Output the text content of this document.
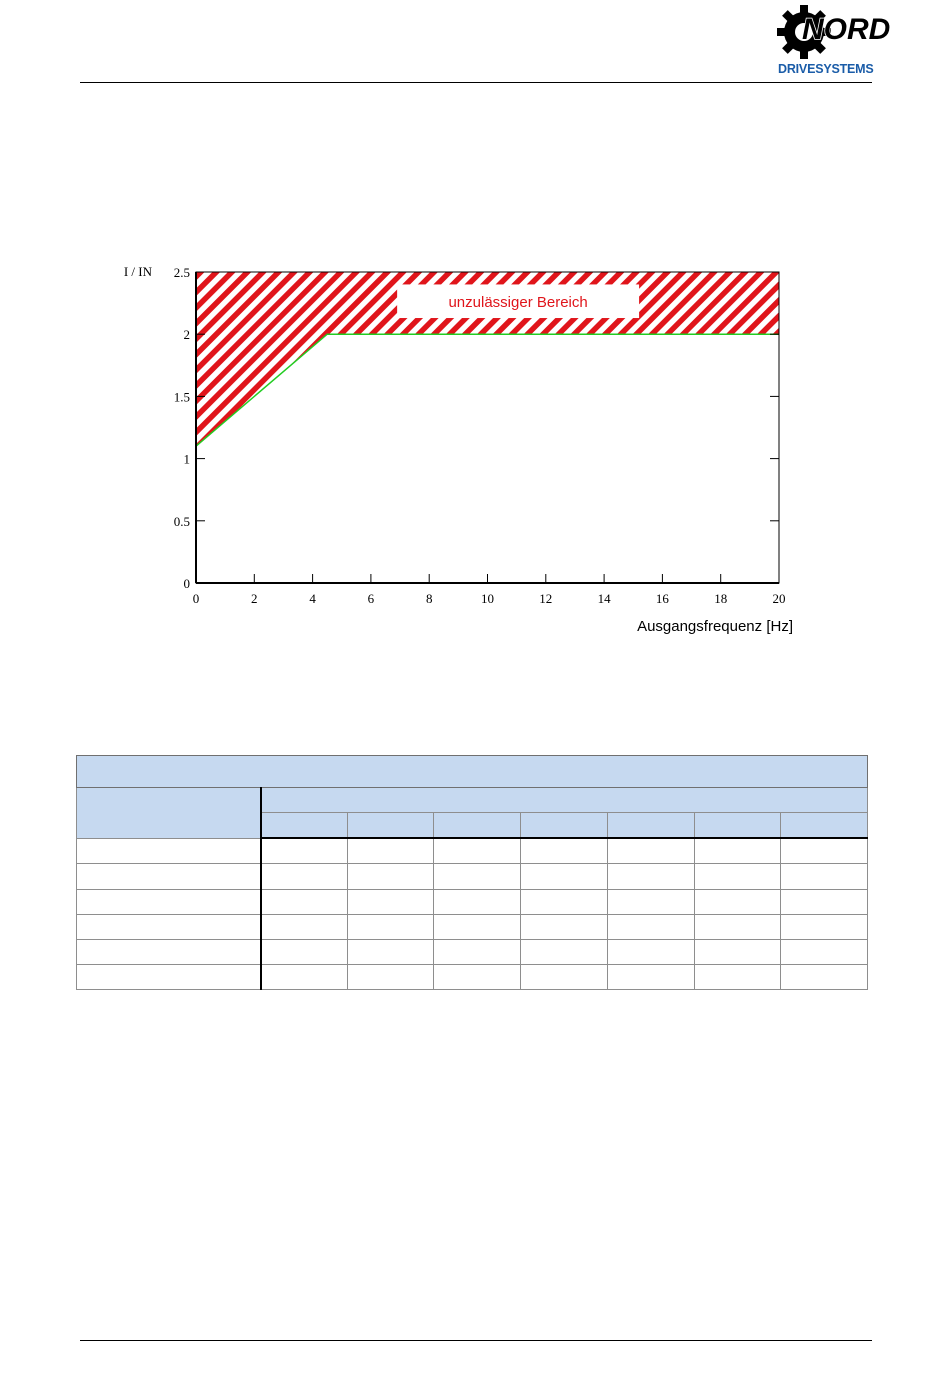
DRIVESYSTEMS
NORD
unzulässiger Bereich
0	2	4	6	8	10	12	14	16	18	20
0
0.5
1
1.5
2
2.5
I / IN
Ausgangsfrequenz [Hz]
